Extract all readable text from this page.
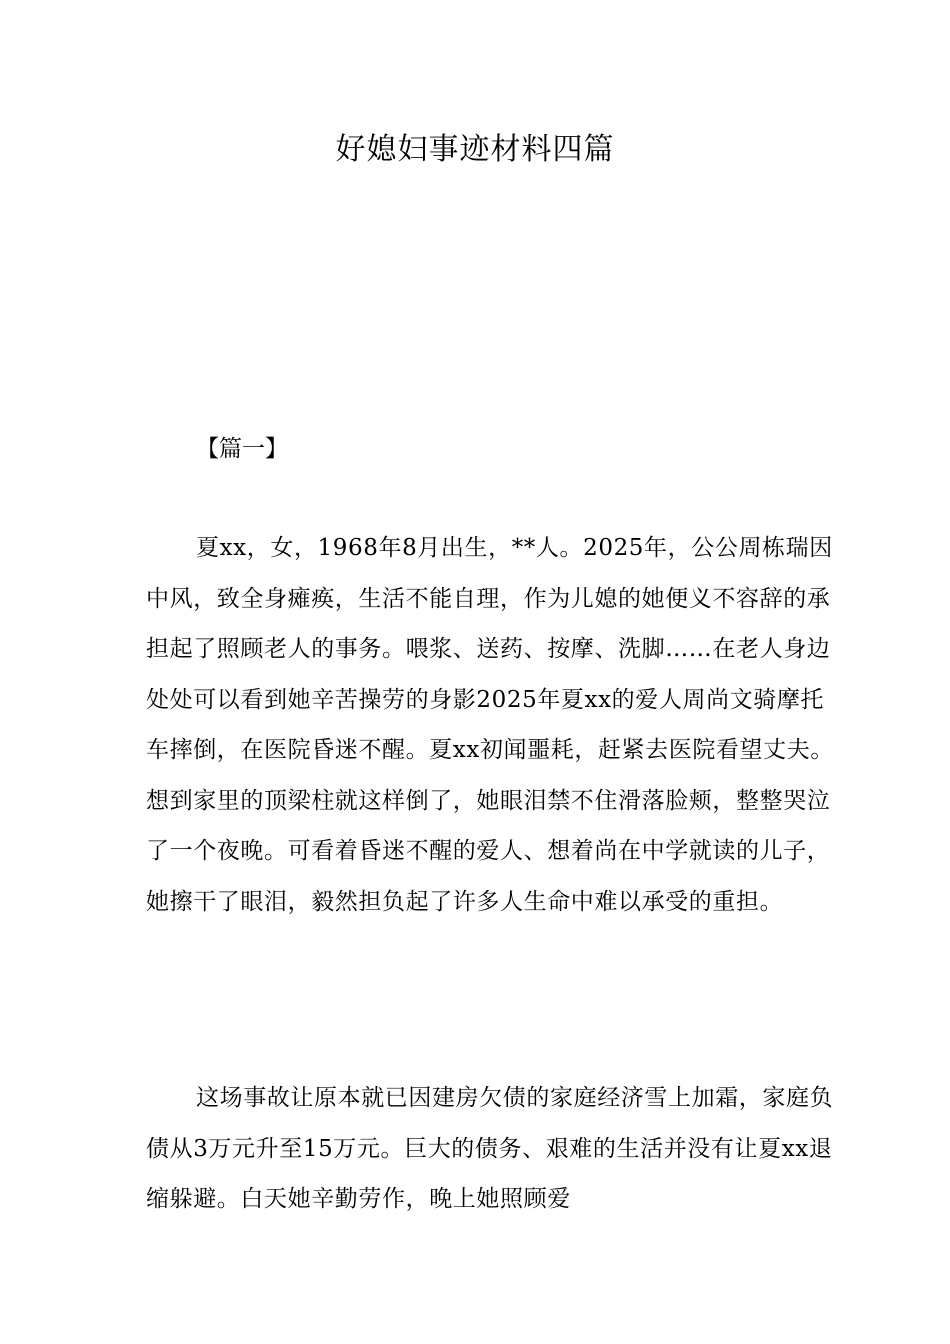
好媳妇事迹材料四篇
【篇一】

夏xx，女，1968年8月出生，**人。2025年，公公周栋瑞因中风，致全身瘫痪，生活不能自理，作为儿媳的她便义不容辞的承担起了照顾老人的事务。喂浆、送药、按摩、洗脚……在老人身边处处可以看到她辛苦操劳的身影2025年夏xx的爱人周尚文骑摩托车摔倒，在医院昏迷不醒。夏xx初闻噩耗，赶紧去医院看望丈夫。想到家里的顶梁柱就这样倒了，她眼泪禁不住滑落脸颊，整整哭泣了一个夜晚。可看着昏迷不醒的爱人、想着尚在中学就读的儿子，她擦干了眼泪，毅然担负起了许多人生命中难以承受的重担。

这场事故让原本就已因建房欠债的家庭经济雪上加霜，家庭负债从3万元升至15万元。巨大的债务、艰难的生活并没有让夏xx退缩躲避。白天她辛勤劳作，晚上她照顾爱
